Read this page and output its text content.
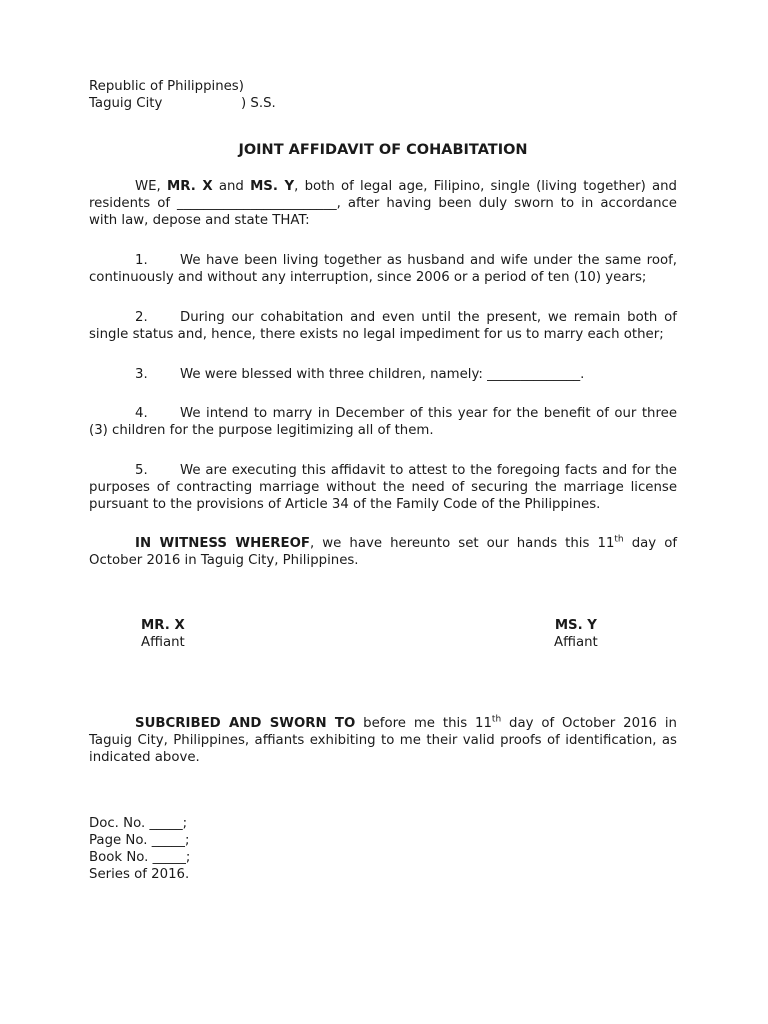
Republic of Philippines)
Taguig City	) S.S.
JOINT AFFIDAVIT OF COHABITATION
WE, MR. X and MS. Y, both of legal age, Filipino, single (living together) and residents of ________________________, after having been duly sworn to in accordance with law, depose and state THAT:
1. We have been living together as husband and wife under the same roof, continuously and without any interruption, since 2006 or a period of ten (10) years;
2. During our cohabitation and even until the present, we remain both of single status and, hence, there exists no legal impediment for us to marry each other;
3. We were blessed with three children, namely: ______________.
4. We intend to marry in December of this year for the benefit of our three (3) children for the purpose legitimizing all of them.
5. We are executing this affidavit to attest to the foregoing facts and for the purposes of contracting marriage without the need of securing the marriage license pursuant to the provisions of Article 34 of the Family Code of the Philippines.
IN WITNESS WHEREOF, we have hereunto set our hands this 11th day of October 2016 in Taguig City, Philippines.
MR. X
Affiant
MS. Y
Affiant
SUBCRIBED AND SWORN TO before me this 11th day of October 2016 in Taguig City, Philippines, affiants exhibiting to me their valid proofs of identification, as indicated above.
Doc. No. _____;
Page No. _____;
Book No. _____;
Series of 2016.
